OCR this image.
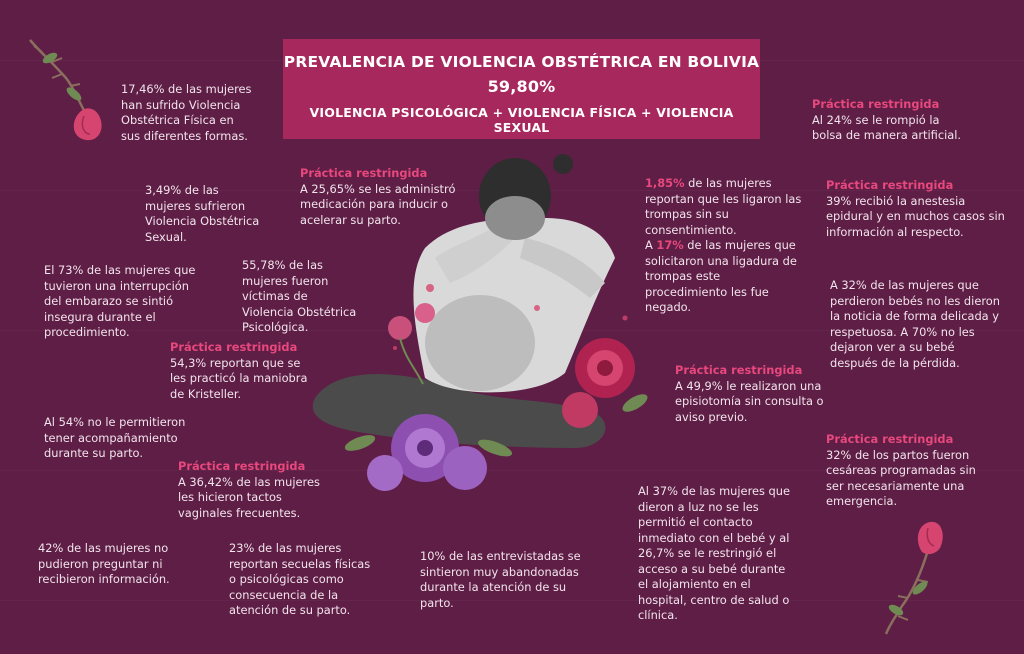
PREVALENCIA DE VIOLENCIA OBSTÉTRICA EN BOLIVIA
59,80%
VIOLENCIA PSICOLÓGICA + VIOLENCIA FÍSICA + VIOLENCIA SEXUAL

17,46% de las mujeres han sufrido Violencia Obstétrica Física en sus diferentes formas.

3,49% de las mujeres sufrieron Violencia Obstétrica Sexual.

El 73% de las mujeres que tuvieron una interrupción del embarazo se sintió insegura durante el procedimiento.

Al 54% no le permitieron tener acompañamiento durante su parto.

42% de las mujeres no pudieron preguntar ni recibieron información.

Práctica restringida

A 25,65% se les administró medicación para inducir o acelerar su parto.

55,78% de las mujeres fueron víctimas de Violencia Obstétrica Psicológica.

Práctica restringida

54,3% reportan que se les practicó la maniobra de Kristeller.

Práctica restringida

A 36,42% de las mujeres les hicieron tactos vaginales frecuentes.

23% de las mujeres reportan secuelas físicas o psicológicas como consecuencia de la atención de su parto.

10% de las entrevistadas se sintieron muy abandonadas durante la atención de su parto.

1,85% de las mujeres reportan que les ligaron las trompas sin su consentimiento.

A 17% de las mujeres que solicitaron una ligadura de trompas este procedimiento les fue negado.

Práctica restringida

A 49,9% le realizaron una episiotomía sin consulta o aviso previo.

Al 37% de las mujeres que dieron a luz no se les permitió el contacto inmediato con el bebé y al 26,7% se le restringió el acceso a su bebé durante el alojamiento en el hospital, centro de salud o clínica.

Práctica restringida

Al 24% se le rompió la bolsa de manera artificial.

Práctica restringida

39% recibió la anestesia epidural y en muchos casos sin información al respecto.

A 32% de las mujeres que perdieron bebés no les dieron la noticia de forma delicada y respetuosa. A 70% no les dejaron ver a su bebé después de la pérdida.

Práctica restringida

32% de los partos fueron cesáreas programadas sin ser necesariamente una emergencia.
